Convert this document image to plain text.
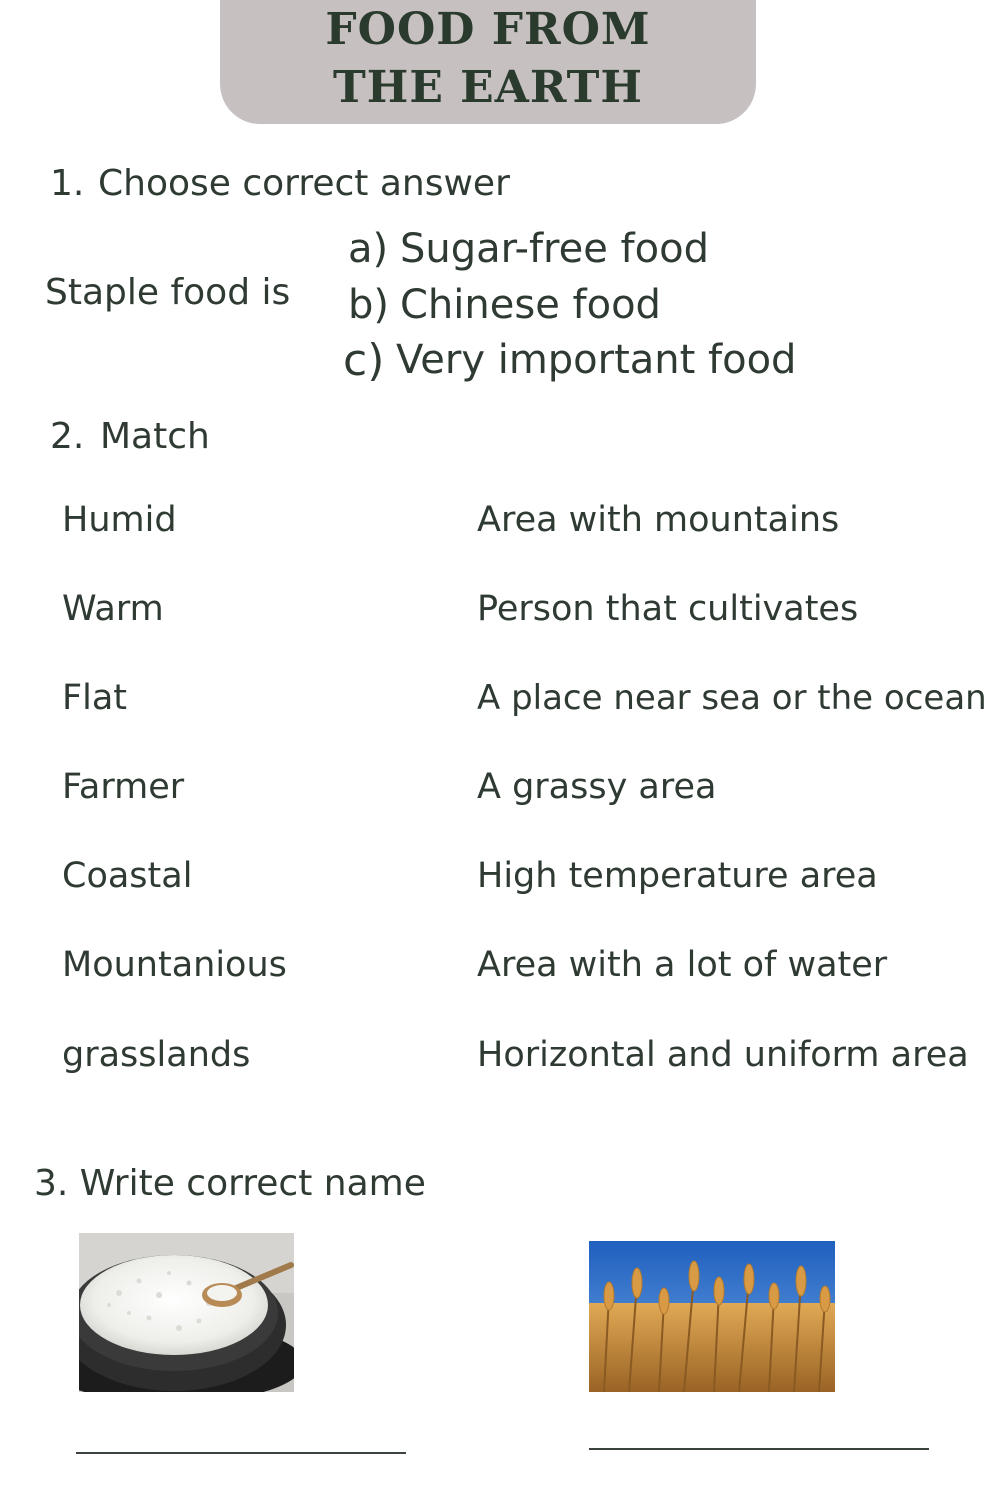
FOOD FROM
THE EARTH
1. Choose correct answer
Staple food is
a) Sugar-free food
b) Chinese food
c) Very important food
2. Match
Humid
Warm
Flat
Farmer
Coastal
Mountanious
grasslands
Area with mountains
Person that cultivates
A place near sea or the ocean
A grassy area
High temperature area
Area with a lot of water
Horizontal and uniform area
3. Write correct name
